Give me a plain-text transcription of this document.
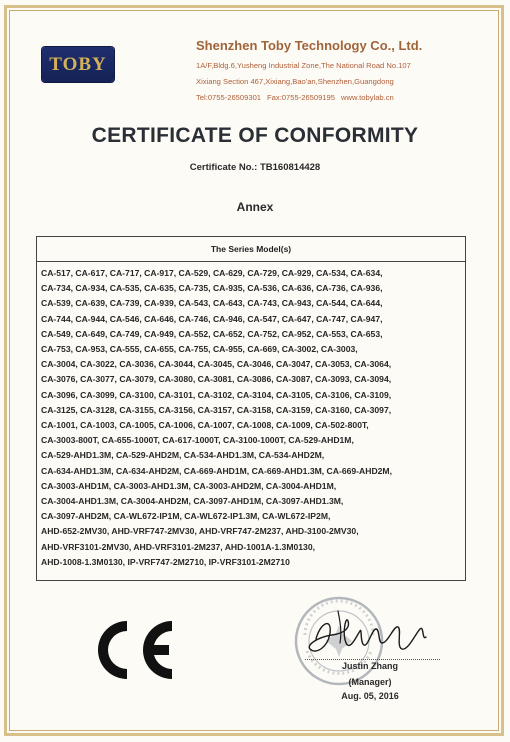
TOBY
Shenzhen Toby Technology Co., Ltd.
1A/F,Bldg.6,Yusheng Industrial Zone,The National Road No.107
Xixiang Section 467,Xixiang,Bao'an,Shenzhen,Guangdong
Tel:0755-26509301 Fax:0755-26509195 www.tobylab.cn
CERTIFICATE OF CONFORMITY
Certificate No.: TB160814428
Annex
The Series Model(s)
CA-517, CA-617, CA-717, CA-917, CA-529, CA-629, CA-729, CA-929, CA-534, CA-634,
CA-734, CA-934, CA-535, CA-635, CA-735, CA-935, CA-536, CA-636, CA-736, CA-936,
CA-539, CA-639, CA-739, CA-939, CA-543, CA-643, CA-743, CA-943, CA-544, CA-644,
CA-744, CA-944, CA-546, CA-646, CA-746, CA-946, CA-547, CA-647, CA-747, CA-947,
CA-549, CA-649, CA-749, CA-949, CA-552, CA-652, CA-752, CA-952, CA-553, CA-653,
CA-753, CA-953, CA-555, CA-655, CA-755, CA-955, CA-669, CA-3002, CA-3003,
CA-3004, CA-3022, CA-3036, CA-3044, CA-3045, CA-3046, CA-3047, CA-3053, CA-3064,
CA-3076, CA-3077, CA-3079, CA-3080, CA-3081, CA-3086, CA-3087, CA-3093, CA-3094,
CA-3096, CA-3099, CA-3100, CA-3101, CA-3102, CA-3104, CA-3105, CA-3106, CA-3109,
CA-3125, CA-3128, CA-3155, CA-3156, CA-3157, CA-3158, CA-3159, CA-3160, CA-3097,
CA-1001, CA-1003, CA-1005, CA-1006, CA-1007, CA-1008, CA-1009, CA-502-800T,
CA-3003-800T, CA-655-1000T, CA-617-1000T, CA-3100-1000T, CA-529-AHD1M,
CA-529-AHD1.3M, CA-529-AHD2M, CA-534-AHD1.3M, CA-534-AHD2M,
CA-634-AHD1.3M, CA-634-AHD2M, CA-669-AHD1M, CA-669-AHD1.3M, CA-669-AHD2M,
CA-3003-AHD1M, CA-3003-AHD1.3M, CA-3003-AHD2M, CA-3004-AHD1M,
CA-3004-AHD1.3M, CA-3004-AHD2M, CA-3097-AHD1M, CA-3097-AHD1.3M,
CA-3097-AHD2M, CA-WL672-IP1M, CA-WL672-IP1.3M, CA-WL672-IP2M,
AHD-652-2MV30, AHD-VRF747-2MV30, AHD-VRF747-2M237, AHD-3100-2MV30,
AHD-VRF3101-2MV30, AHD-VRF3101-2M237, AHD-1001A-1.3M0130,
AHD-1008-1.3M0130, IP-VRF747-2M2710, IP-VRF3101-2M2710
Justin Zhang
(Manager)
Aug. 05, 2016
